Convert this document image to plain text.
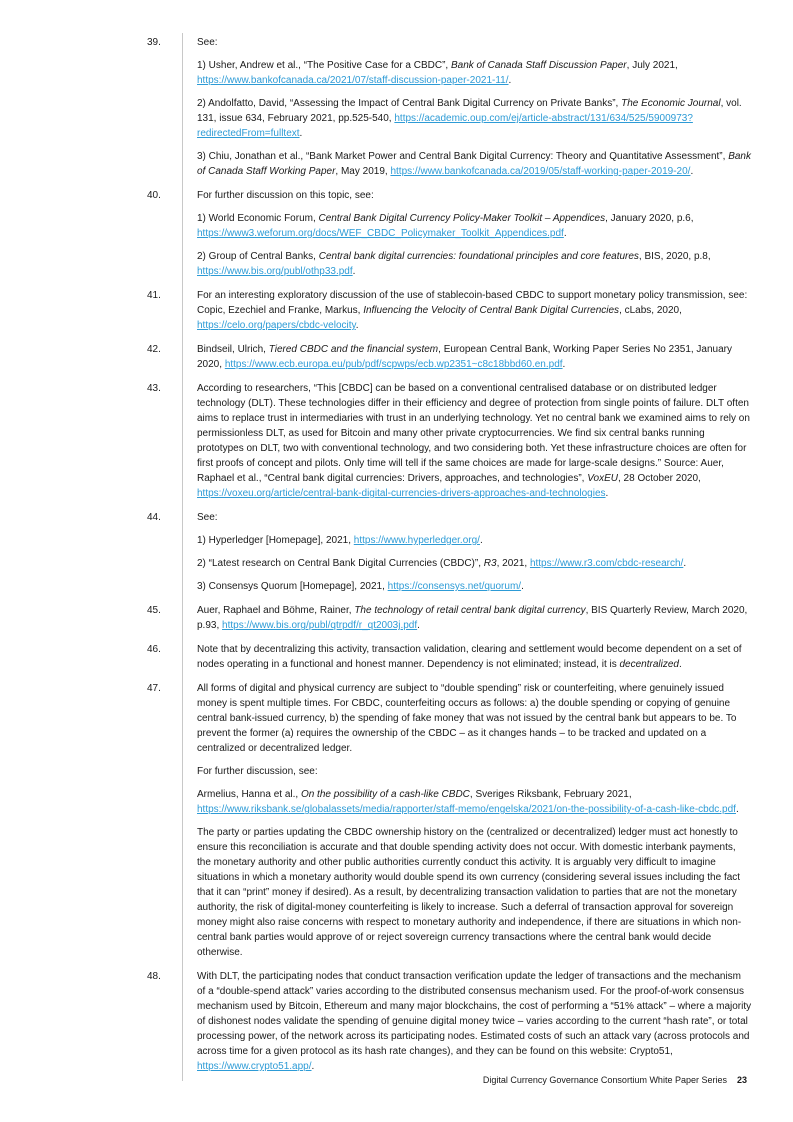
39.	See:

1) Usher, Andrew et al., “The Positive Case for a CBDC”, Bank of Canada Staff Discussion Paper, July 2021, https://www.bankofcanada.ca/2021/07/staff-discussion-paper-2021-11/.

2) Andolfatto, David, “Assessing the Impact of Central Bank Digital Currency on Private Banks”, The Economic Journal, vol. 131, issue 634, February 2021, pp.525-540, https://academic.oup.com/ej/article-abstract/131/634/525/5900973?redirectedFrom=fulltext.

3) Chiu, Jonathan et al., “Bank Market Power and Central Bank Digital Currency: Theory and Quantitative Assessment”, Bank of Canada Staff Working Paper, May 2019, https://www.bankofcanada.ca/2019/05/staff-working-paper-2019-20/.

40.	For further discussion on this topic, see:

1) World Economic Forum, Central Bank Digital Currency Policy-Maker Toolkit – Appendices, January 2020, p.6, https://www3.weforum.org/docs/WEF_CBDC_Policymaker_Toolkit_Appendices.pdf.

2) Group of Central Banks, Central bank digital currencies: foundational principles and core features, BIS, 2020, p.8, https://www.bis.org/publ/othp33.pdf.

41.	For an interesting exploratory discussion of the use of stablecoin-based CBDC to support monetary policy transmission, see: Copic, Ezechiel and Franke, Markus, Influencing the Velocity of Central Bank Digital Currencies, cLabs, 2020, https://celo.org/papers/cbdc-velocity.

42.	Bindseil, Ulrich, Tiered CBDC and the financial system, European Central Bank, Working Paper Series No 2351, January 2020, https://www.ecb.europa.eu/pub/pdf/scpwps/ecb.wp2351~c8c18bbd60.en.pdf.

43.	According to researchers, “This [CBDC] can be based on a conventional centralised database or on distributed ledger technology (DLT). These technologies differ in their efficiency and degree of protection from single points of failure. DLT often aims to replace trust in intermediaries with trust in an underlying technology. Yet no central bank we examined aims to rely on permissionless DLT, as used for Bitcoin and many other private cryptocurrencies. We find six central banks running prototypes on DLT, two with conventional technology, and two considering both. Yet these infrastructure choices are often for first proofs of concept and pilots. Only time will tell if the same choices are made for large-scale designs.” Source: Auer, Raphael et al., “Central bank digital currencies: Drivers, approaches, and technologies”, VoxEU, 28 October 2020, https://voxeu.org/article/central-bank-digital-currencies-drivers-approaches-and-technologies.

44.	See:

1) Hyperledger [Homepage], 2021, https://www.hyperledger.org/.

2) “Latest research on Central Bank Digital Currencies (CBDC)”, R3, 2021, https://www.r3.com/cbdc-research/.

3) Consensys Quorum [Homepage], 2021, https://consensys.net/quorum/.

45.	Auer, Raphael and Böhme, Rainer, The technology of retail central bank digital currency, BIS Quarterly Review, March 2020, p.93, https://www.bis.org/publ/qtrpdf/r_qt2003j.pdf.

46.	Note that by decentralizing this activity, transaction validation, clearing and settlement would become dependent on a set of nodes operating in a functional and honest manner. Dependency is not eliminated; instead, it is decentralized.

47.	All forms of digital and physical currency are subject to “double spending” risk or counterfeiting, where genuinely issued money is spent multiple times. For CBDC, counterfeiting occurs as follows: a) the double spending or copying of genuine central bank-issued currency, b) the spending of fake money that was not issued by the central bank but appears to be. To prevent the former (a) requires the ownership of the CBDC – as it changes hands – to be tracked and updated on a centralized or decentralized ledger.

For further discussion, see:

Armelius, Hanna et al., On the possibility of a cash-like CBDC, Sveriges Riksbank, February 2021, https://www.riksbank.se/globalassets/media/rapporter/staff-memo/engelska/2021/on-the-possibility-of-a-cash-like-cbdc.pdf.

The party or parties updating the CBDC ownership history on the (centralized or decentralized) ledger must act honestly to ensure this reconciliation is accurate and that double spending activity does not occur. With domestic interbank payments, the monetary authority and other public authorities currently conduct this activity. It is arguably very difficult to imagine situations in which a monetary authority would double spend its own currency (considering several issues including the fact that it can “print” money if desired). As a result, by decentralizing transaction validation to parties that are not the monetary authority, the risk of digital-money counterfeiting is likely to increase. Such a deferral of transaction approval for sovereign money might also raise concerns with respect to monetary authority and independence, if there are situations in which non-central bank parties would approve of or reject sovereign currency transactions where the central bank would decide otherwise.

48.	With DLT, the participating nodes that conduct transaction verification update the ledger of transactions and the mechanism of a “double-spend attack” varies according to the distributed consensus mechanism used. For the proof-of-work consensus mechanism used by Bitcoin, Ethereum and many major blockchains, the cost of performing a “51% attack” – where a majority of dishonest nodes validate the spending of genuine digital money twice – varies according to the current “hash rate”, or total processing power, of the network across its participating nodes. Estimated costs of such an attack vary (across protocols and across time for a given protocol as its hash rate changes), and they can be found on this website: Crypto51, https://www.crypto51.app/.

Digital Currency Governance Consortium White Paper Series 23
